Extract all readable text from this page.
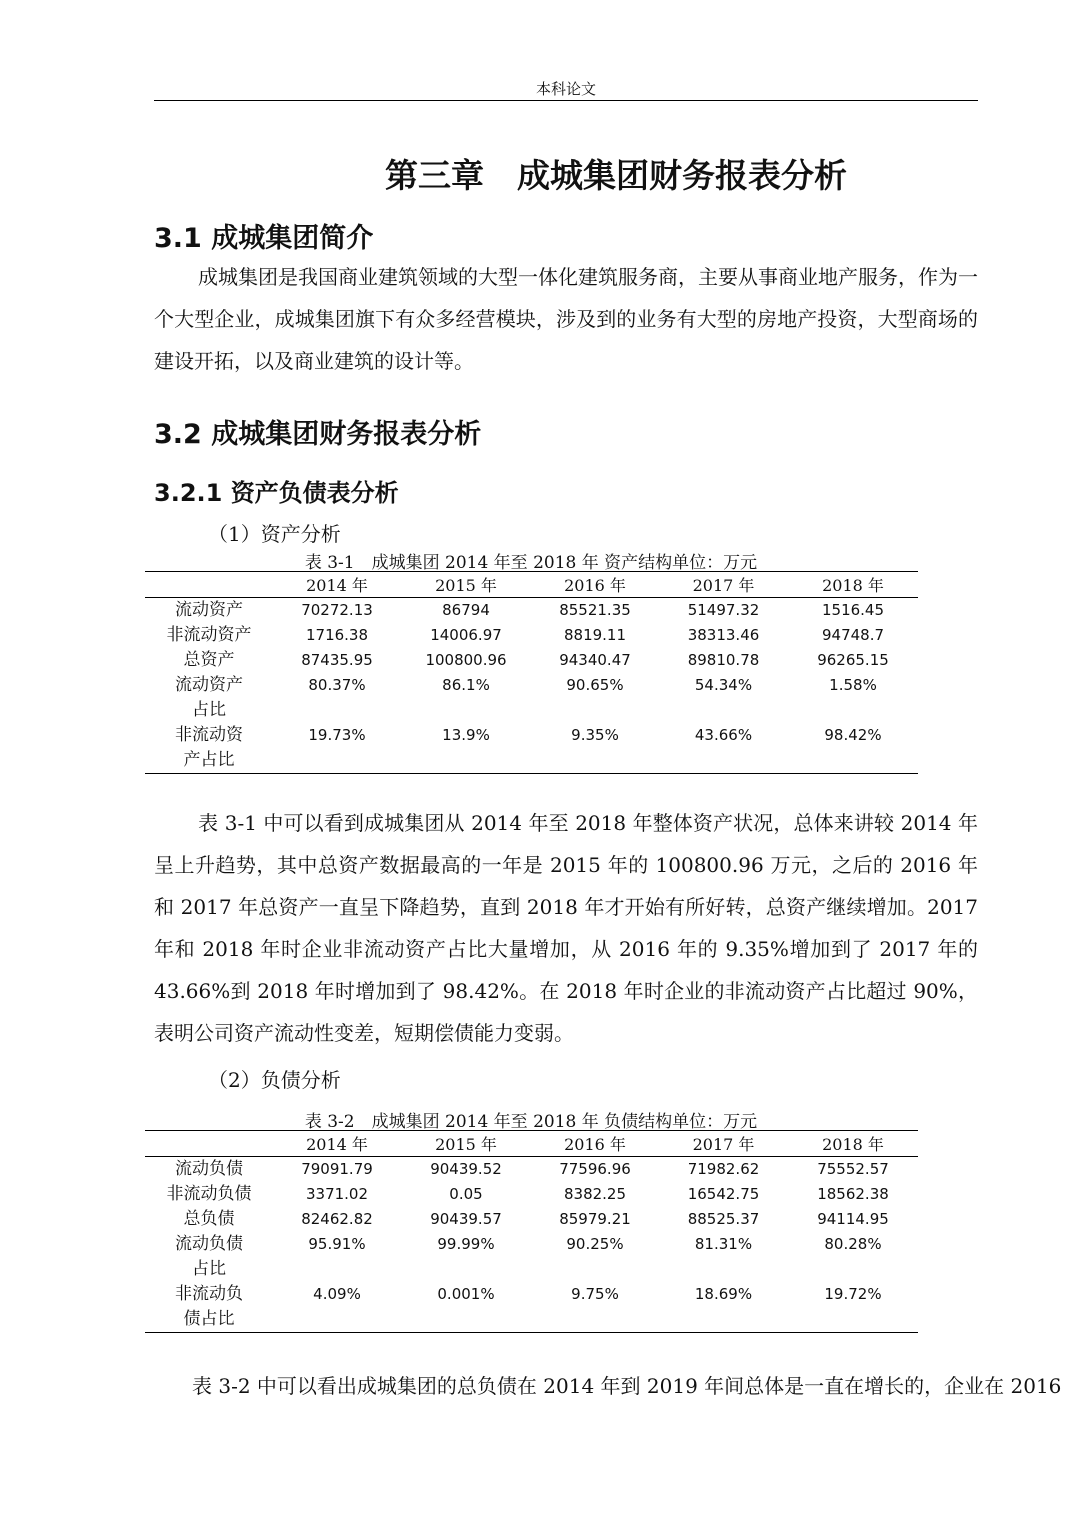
本科论文
第三章　成城集团财务报表分析
3.1 成城集团简介
成城集团是我国商业建筑领域的大型一体化建筑服务商，主要从事商业地产服务，作为一个大型企业，成城集团旗下有众多经营模块，涉及到的业务有大型的房地产投资，大型商场的建设开拓，以及商业建筑的设计等。
3.2 成城集团财务报表分析
3.2.1 资产负债表分析
（1）资产分析
表 3-1　成城集团 2014 年至 2018 年 资产结构单位：万元
	2014 年	2015 年	2016 年	2017 年	2018 年
流动资产	70272.13	86794	85521.35	51497.32	1516.45
非流动资产	1716.38	14006.97	8819.11	38313.46	94748.7
总资产	87435.95	100800.96	94340.47	89810.78	96265.15
流动资产占比	80.37%	86.1%	90.65%	54.34%	1.58%
非流动资产占比	19.73%	13.9%	9.35%	43.66%	98.42%
表 3-1 中可以看到成城集团从 2014 年至 2018 年整体资产状况，总体来讲较 2014 年呈上升趋势，其中总资产数据最高的一年是 2015 年的 100800.96 万元，之后的 2016 年和 2017 年总资产一直呈下降趋势，直到 2018 年才开始有所好转，总资产继续增加。2017 年和 2018 年时企业非流动资产占比大量增加，从 2016 年的 9.35%增加到了 2017 年的 43.66%到 2018 年时增加到了 98.42%。在 2018 年时企业的非流动资产占比超过 90%，表明公司资产流动性变差，短期偿债能力变弱。
（2）负债分析
表 3-2　成城集团 2014 年至 2018 年 负债结构单位：万元
	2014 年	2015 年	2016 年	2017 年	2018 年
流动负债	79091.79	90439.52	77596.96	71982.62	75552.57
非流动负债	3371.02	0.05	8382.25	16542.75	18562.38
总负债	82462.82	90439.57	85979.21	88525.37	94114.95
流动负债占比	95.91%	99.99%	90.25%	81.31%	80.28%
非流动负债占比	4.09%	0.001%	9.75%	18.69%	19.72%
表 3-2 中可以看出成城集团的总负债在 2014 年到 2019 年间总体是一直在增长的，企业在 2016
